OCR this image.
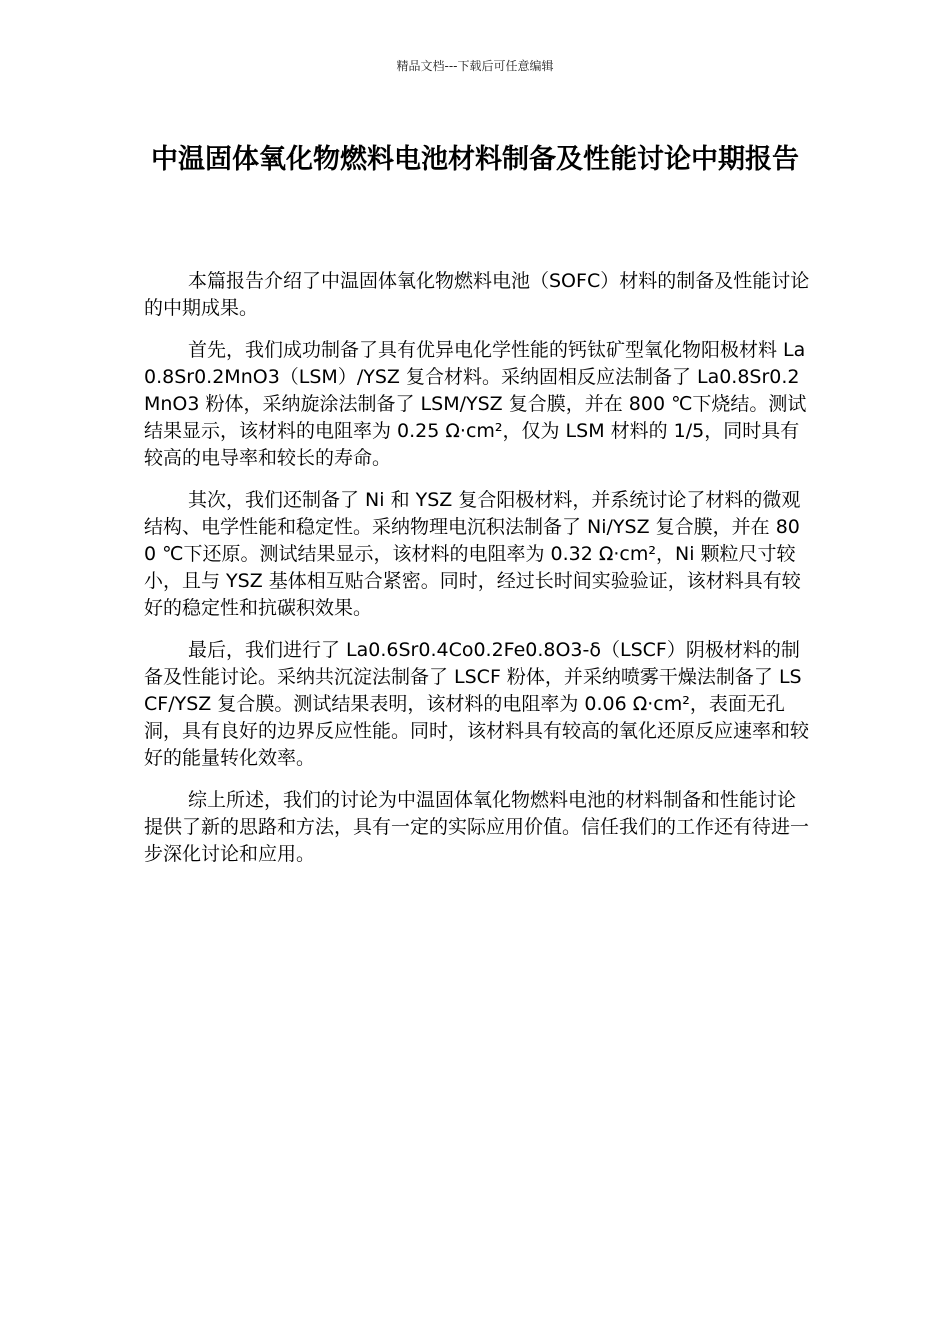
精品文档---下载后可任意编辑
中温固体氧化物燃料电池材料制备及性能讨论中期报告

本篇报告介绍了中温固体氧化物燃料电池（SOFC）材料的制备及性能讨论的中期成果。

首先，我们成功制备了具有优异电化学性能的钙钛矿型氧化物阳极材料 La0.8Sr0.2MnO3（LSM）/YSZ 复合材料。采纳固相反应法制备了 La0.8Sr0.2MnO3 粉体，采纳旋涂法制备了 LSM/YSZ 复合膜，并在 800 ℃下烧结。测试结果显示，该材料的电阻率为 0.25 Ω·cm²，仅为 LSM 材料的 1/5，同时具有较高的电导率和较长的寿命。

其次，我们还制备了 Ni 和 YSZ 复合阳极材料，并系统讨论了材料的微观结构、电学性能和稳定性。采纳物理电沉积法制备了 Ni/YSZ 复合膜，并在 800 ℃下还原。测试结果显示，该材料的电阻率为 0.32 Ω·cm²，Ni 颗粒尺寸较小，且与 YSZ 基体相互贴合紧密。同时，经过长时间实验验证，该材料具有较好的稳定性和抗碳积效果。

最后，我们进行了 La0.6Sr0.4Co0.2Fe0.8O3-δ（LSCF）阴极材料的制备及性能讨论。采纳共沉淀法制备了 LSCF 粉体，并采纳喷雾干燥法制备了 LSCF/YSZ 复合膜。测试结果表明，该材料的电阻率为 0.06 Ω·cm²，表面无孔洞，具有良好的边界反应性能。同时，该材料具有较高的氧化还原反应速率和较好的能量转化效率。

综上所述，我们的讨论为中温固体氧化物燃料电池的材料制备和性能讨论提供了新的思路和方法，具有一定的实际应用价值。信任我们的工作还有待进一步深化讨论和应用。
